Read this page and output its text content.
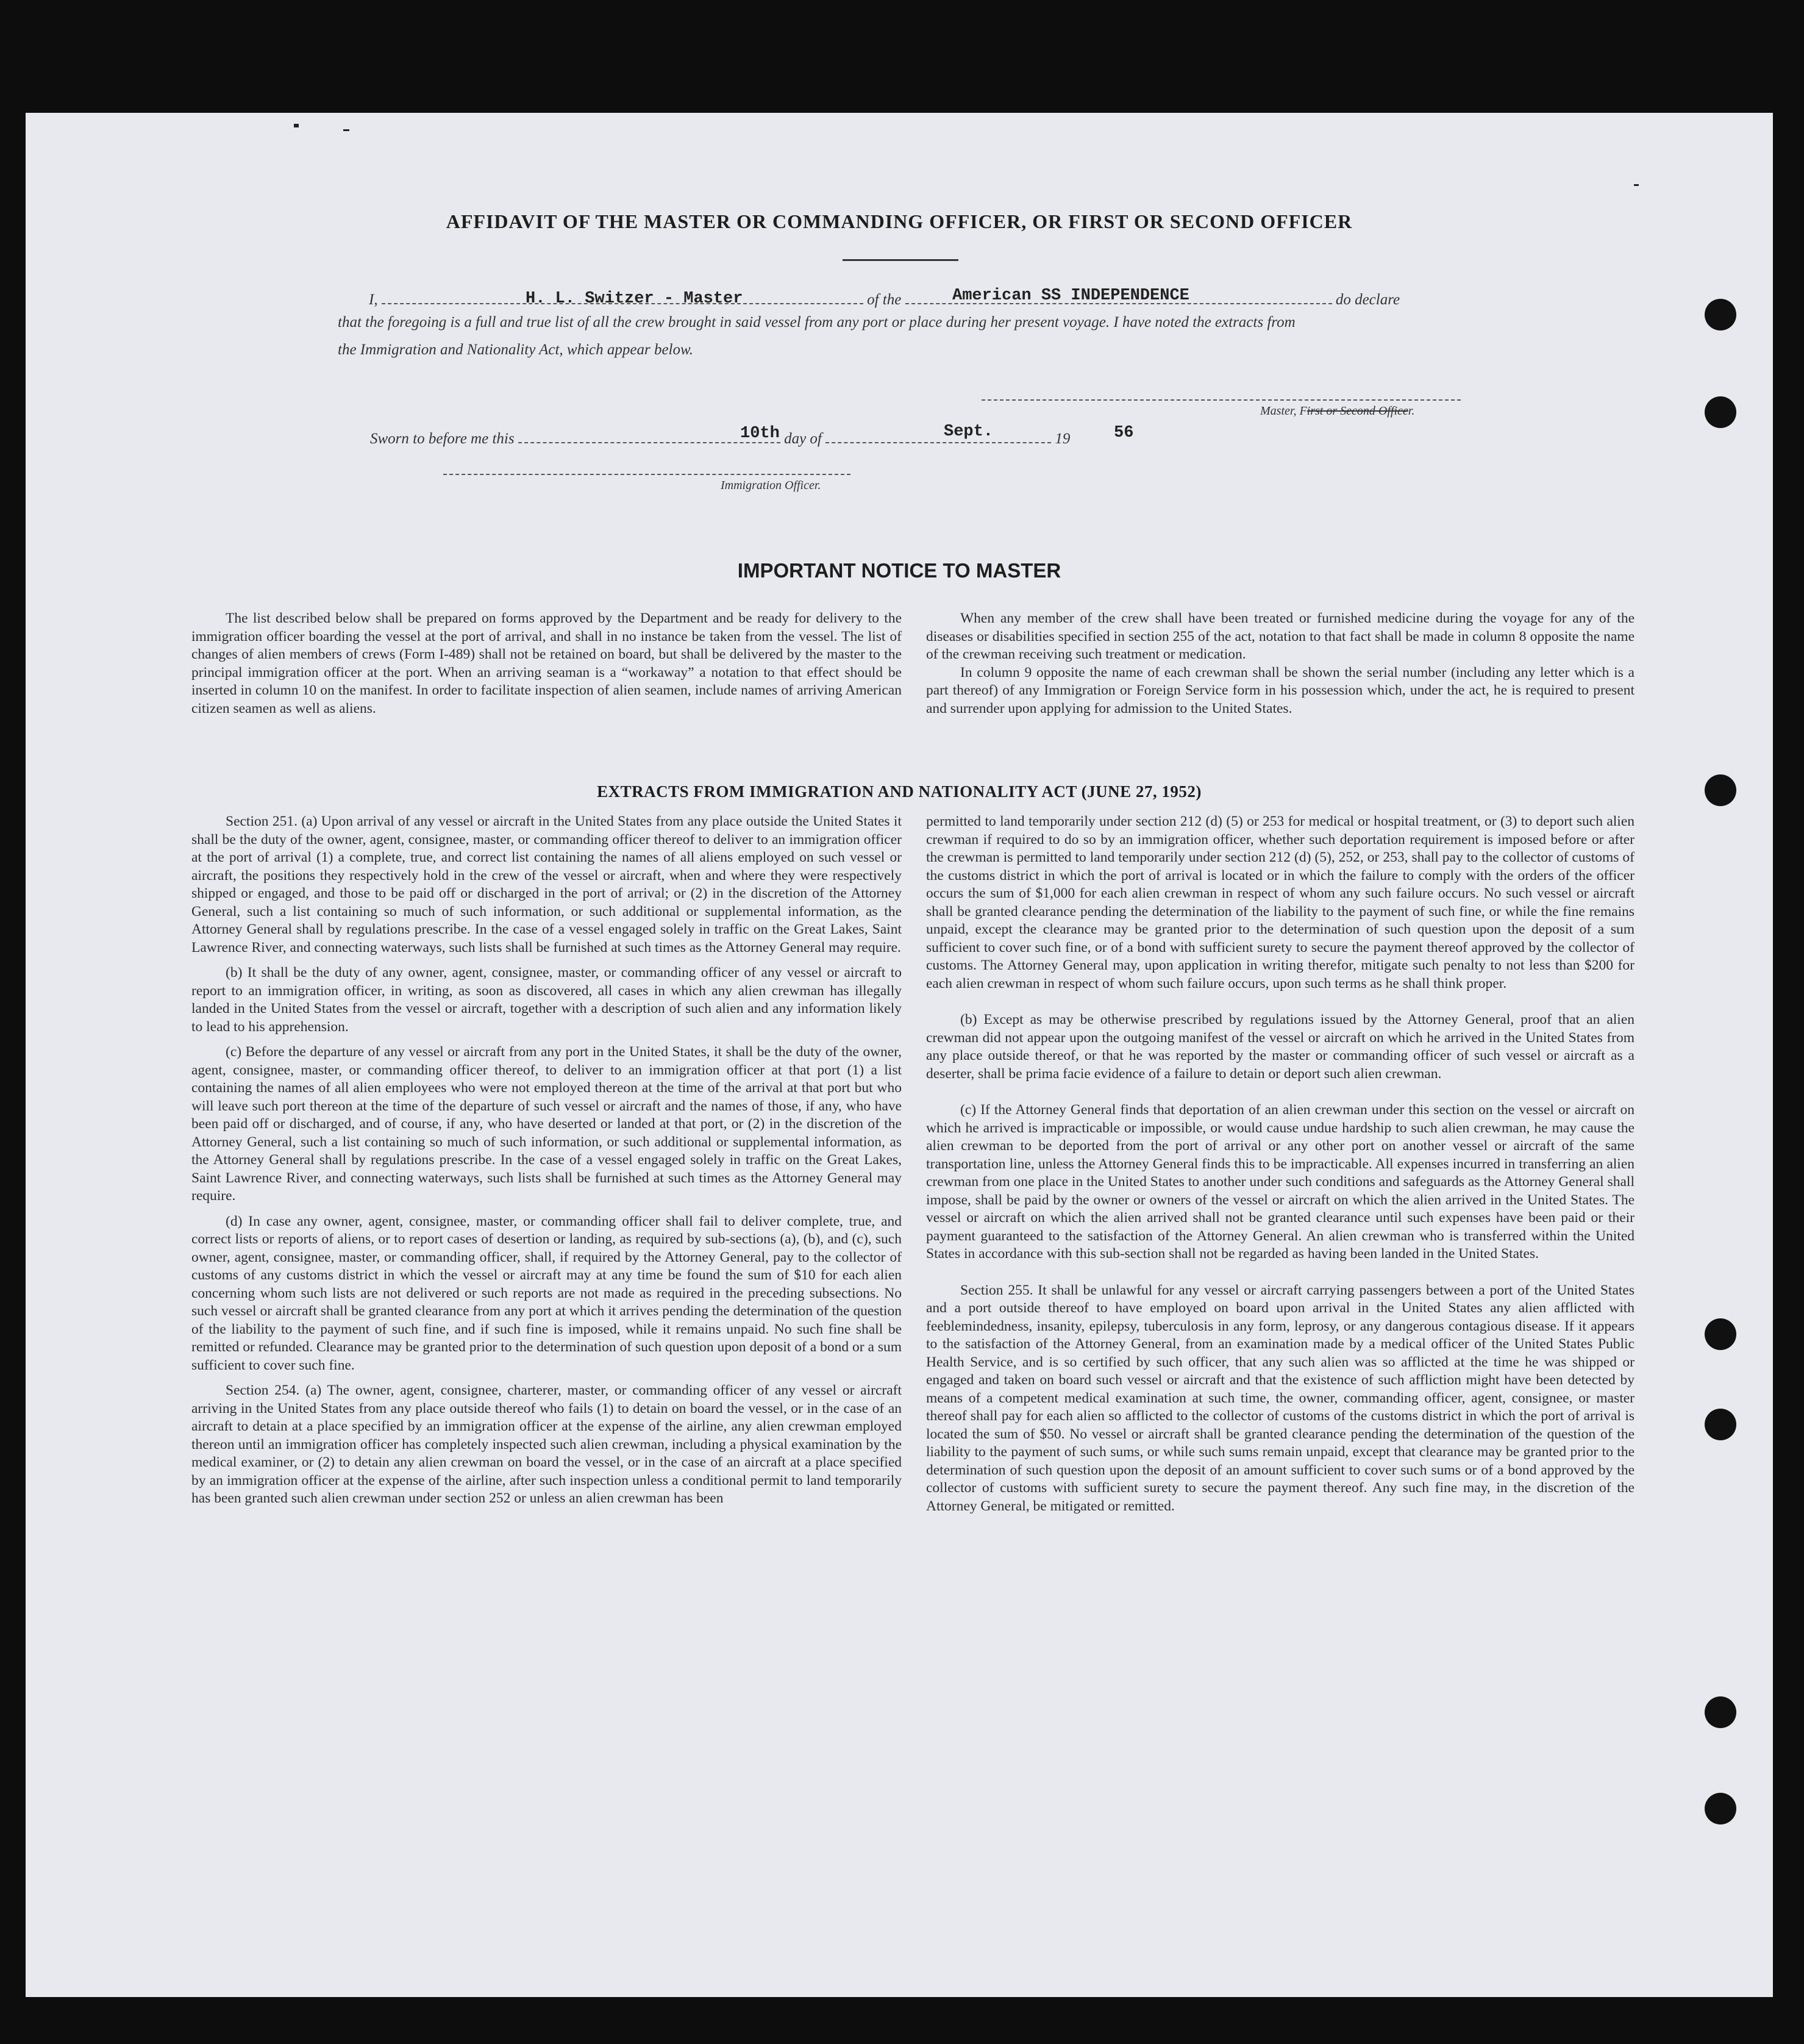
AFFIDAVIT OF THE MASTER OR COMMANDING OFFICER, OR FIRST OR SECOND OFFICER
I,	of the	do declare
H. L. Switzer - Master	American SS INDEPENDENCE
that the foregoing is a full and true list of all the crew brought in said vessel from any port or place during her present voyage. I have noted the extracts from
the Immigration and Nationality Act, which appear below.
Master, First or Second Officer.
Sworn to before me this	day of	19
10th	Sept.	56
Immigration Officer.
IMPORTANT NOTICE TO MASTER

The list described below shall be prepared on forms approved by the Department and be ready for delivery to the immigration officer boarding the vessel at the port of arrival, and shall in no instance be taken from the vessel. The list of changes of alien members of crews (Form I-489) shall not be retained on board, but shall be delivered by the master to the principal immigration officer at the port. When an arriving seaman is a “workaway” a notation to that effect should be inserted in column 10 on the manifest. In order to facilitate inspection of alien seamen, include names of arriving American citizen seamen as well as aliens.

When any member of the crew shall have been treated or furnished medicine during the voyage for any of the diseases or disabilities specified in section 255 of the act, notation to that fact shall be made in column 8 opposite the name of the crewman receiving such treatment or medication.

In column 9 opposite the name of each crewman shall be shown the serial number (including any letter which is a part thereof) of any Immigration or Foreign Service form in his possession which, under the act, he is required to present and surrender upon applying for admission to the United States.

EXTRACTS FROM IMMIGRATION AND NATIONALITY ACT (JUNE 27, 1952)

Section 251. (a) Upon arrival of any vessel or aircraft in the United States from any place outside the United States it shall be the duty of the owner, agent, consignee, master, or commanding officer thereof to deliver to an immigration officer at the port of arrival (1) a complete, true, and correct list containing the names of all aliens employed on such vessel or aircraft, the positions they respectively hold in the crew of the vessel or aircraft, when and where they were respectively shipped or engaged, and those to be paid off or discharged in the port of arrival; or (2) in the discretion of the Attorney General, such a list containing so much of such information, or such additional or supplemental information, as the Attorney General shall by regulations prescribe. In the case of a vessel engaged solely in traffic on the Great Lakes, Saint Lawrence River, and connecting waterways, such lists shall be furnished at such times as the Attorney General may require.

(b) It shall be the duty of any owner, agent, consignee, master, or commanding officer of any vessel or aircraft to report to an immigration officer, in writing, as soon as discovered, all cases in which any alien crewman has illegally landed in the United States from the vessel or aircraft, together with a description of such alien and any information likely to lead to his apprehension.

(c) Before the departure of any vessel or aircraft from any port in the United States, it shall be the duty of the owner, agent, consignee, master, or commanding officer thereof, to deliver to an immigration officer at that port (1) a list containing the names of all alien employees who were not employed thereon at the time of the arrival at that port but who will leave such port thereon at the time of the departure of such vessel or aircraft and the names of those, if any, who have been paid off or discharged, and of course, if any, who have deserted or landed at that port, or (2) in the discretion of the Attorney General, such a list containing so much of such information, or such additional or supplemental information, as the Attorney General shall by regulations prescribe. In the case of a vessel engaged solely in traffic on the Great Lakes, Saint Lawrence River, and connecting waterways, such lists shall be furnished at such times as the Attorney General may require.

(d) In case any owner, agent, consignee, master, or commanding officer shall fail to deliver complete, true, and correct lists or reports of aliens, or to report cases of desertion or landing, as required by sub-sections (a), (b), and (c), such owner, agent, consignee, master, or commanding officer, shall, if required by the Attorney General, pay to the collector of customs of any customs district in which the vessel or aircraft may at any time be found the sum of $10 for each alien concerning whom such lists are not delivered or such reports are not made as required in the preceding subsections. No such vessel or aircraft shall be granted clearance from any port at which it arrives pending the determination of the question of the liability to the payment of such fine, and if such fine is imposed, while it remains unpaid. No such fine shall be remitted or refunded. Clearance may be granted prior to the determination of such question upon deposit of a bond or a sum sufficient to cover such fine.

Section 254. (a) The owner, agent, consignee, charterer, master, or commanding officer of any vessel or aircraft arriving in the United States from any place outside thereof who fails (1) to detain on board the vessel, or in the case of an aircraft to detain at a place specified by an immigration officer at the expense of the airline, any alien crewman employed thereon until an immigration officer has completely inspected such alien crewman, including a physical examination by the medical examiner, or (2) to detain any alien crewman on board the vessel, or in the case of an aircraft at a place specified by an immigration officer at the expense of the airline, after such inspection unless a conditional permit to land temporarily has been granted such alien crewman under section 252 or unless an alien crewman has been

permitted to land temporarily under section 212 (d) (5) or 253 for medical or hospital treatment, or (3) to deport such alien crewman if required to do so by an immigration officer, whether such deportation requirement is imposed before or after the crewman is permitted to land temporarily under section 212 (d) (5), 252, or 253, shall pay to the collector of customs of the customs district in which the port of arrival is located or in which the failure to comply with the orders of the officer occurs the sum of $1,000 for each alien crewman in respect of whom any such failure occurs. No such vessel or aircraft shall be granted clearance pending the determination of the liability to the payment of such fine, or while the fine remains unpaid, except the clearance may be granted prior to the determination of such question upon the deposit of a sum sufficient to cover such fine, or of a bond with sufficient surety to secure the payment thereof approved by the collector of customs. The Attorney General may, upon application in writing therefor, mitigate such penalty to not less than $200 for each alien crewman in respect of whom such failure occurs, upon such terms as he shall think proper.

(b) Except as may be otherwise prescribed by regulations issued by the Attorney General, proof that an alien crewman did not appear upon the outgoing manifest of the vessel or aircraft on which he arrived in the United States from any place outside thereof, or that he was reported by the master or commanding officer of such vessel or aircraft as a deserter, shall be prima facie evidence of a failure to detain or deport such alien crewman.

(c) If the Attorney General finds that deportation of an alien crewman under this section on the vessel or aircraft on which he arrived is impracticable or impossible, or would cause undue hardship to such alien crewman, he may cause the alien crewman to be deported from the port of arrival or any other port on another vessel or aircraft of the same transportation line, unless the Attorney General finds this to be impracticable. All expenses incurred in transferring an alien crewman from one place in the United States to another under such conditions and safeguards as the Attorney General shall impose, shall be paid by the owner or owners of the vessel or aircraft on which the alien arrived in the United States. The vessel or aircraft on which the alien arrived shall not be granted clearance until such expenses have been paid or their payment guaranteed to the satisfaction of the Attorney General. An alien crewman who is transferred within the United States in accordance with this sub-section shall not be regarded as having been landed in the United States.

Section 255. It shall be unlawful for any vessel or aircraft carrying passengers between a port of the United States and a port outside thereof to have employed on board upon arrival in the United States any alien afflicted with feeblemindedness, insanity, epilepsy, tuberculosis in any form, leprosy, or any dangerous contagious disease. If it appears to the satisfaction of the Attorney General, from an examination made by a medical officer of the United States Public Health Service, and is so certified by such officer, that any such alien was so afflicted at the time he was shipped or engaged and taken on board such vessel or aircraft and that the existence of such affliction might have been detected by means of a competent medical examination at such time, the owner, commanding officer, agent, consignee, or master thereof shall pay for each alien so afflicted to the collector of customs of the customs district in which the port of arrival is located the sum of $50. No vessel or aircraft shall be granted clearance pending the determination of the question of the liability to the payment of such sums, or while such sums remain unpaid, except that clearance may be granted prior to the determination of such question upon the deposit of an amount sufficient to cover such sums or of a bond approved by the collector of customs with sufficient surety to secure the payment thereof. Any such fine may, in the discretion of the Attorney General, be mitigated or remitted.
